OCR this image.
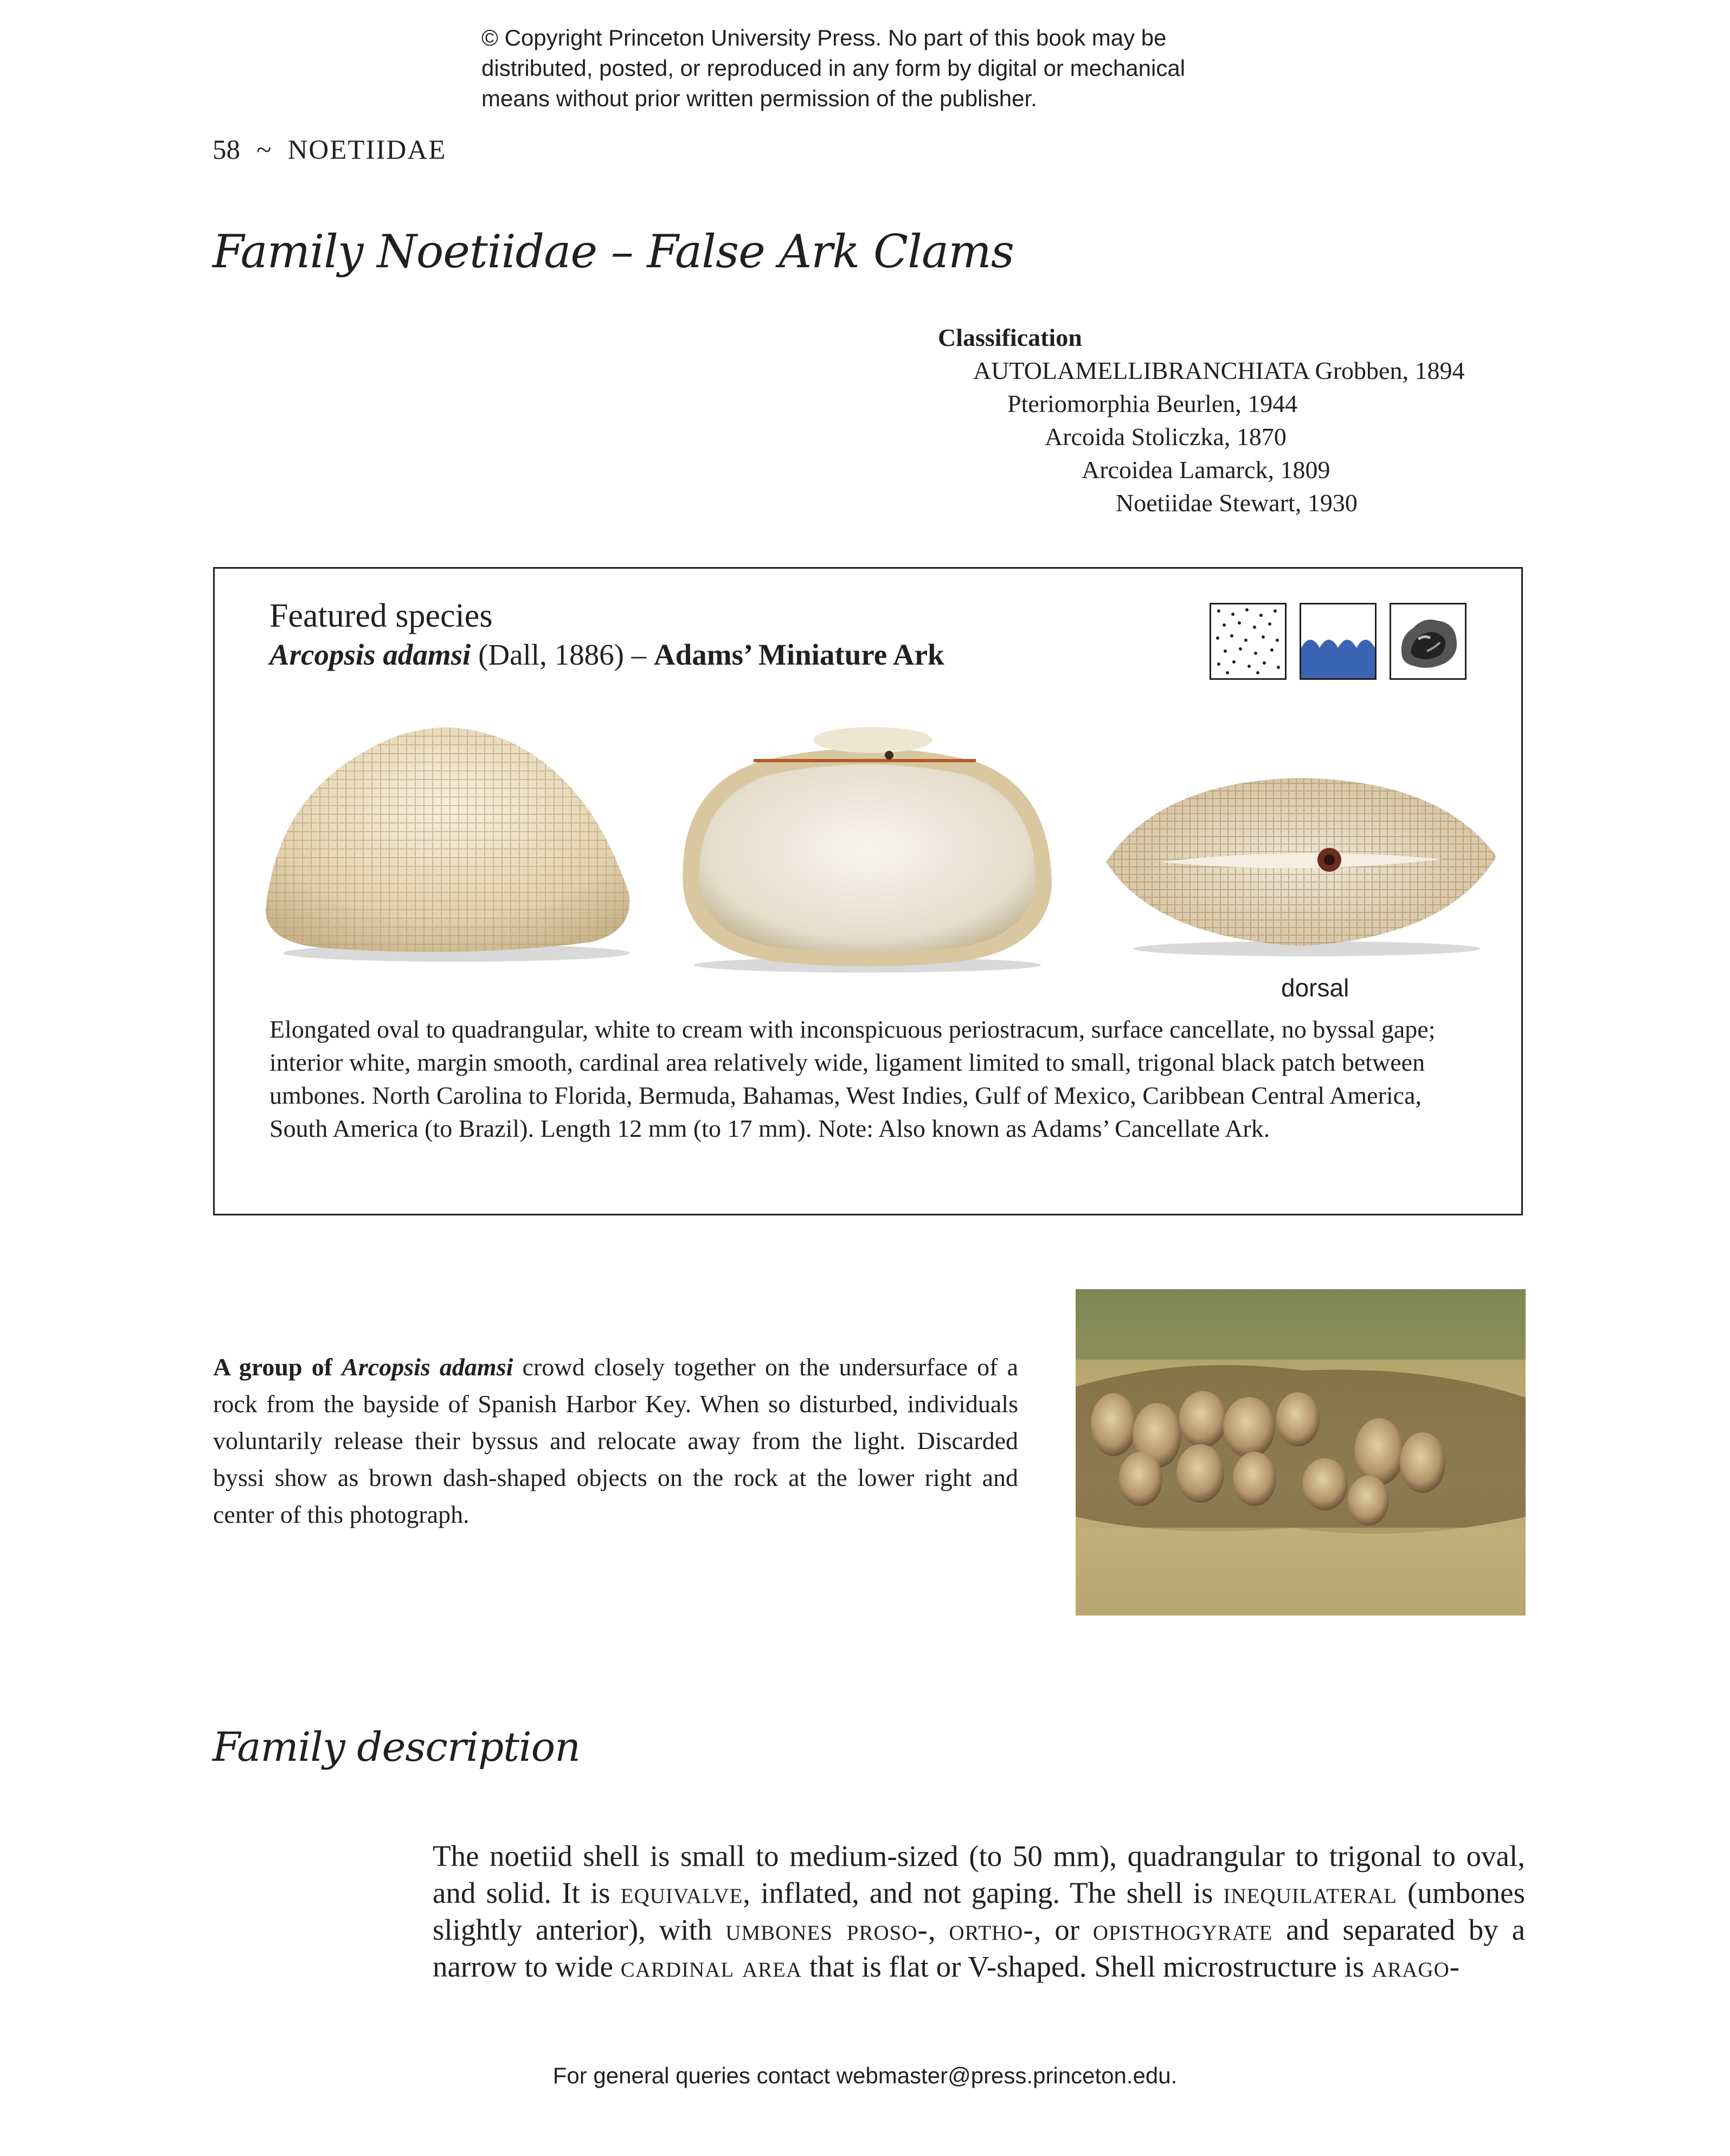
© Copyright Princeton University Press. No part of this book may be
distributed, posted, or reproduced in any form by digital or mechanical
means without prior written permission of the publisher.
58 ~ NOETIIDAE
Family Noetiidae – False Ark Clams
Classification
AUTOLAMELLIBRANCHIATA Grobben, 1894
Pteriomorphia Beurlen, 1944
Arcoida Stoliczka, 1870
Arcoidea Lamarck, 1809
Noetiidae Stewart, 1930
Featured species
Arcopsis adamsi (Dall, 1886) – Adams’ Miniature Ark
dorsal
Elongated oval to quadrangular, white to cream with inconspicuous periostracum, surface cancellate, no byssal gape; interior white, margin smooth, cardinal area relatively wide, ligament limited to small, trigonal black patch between umbones. North Carolina to Florida, Bermuda, Bahamas, West Indies, Gulf of Mexico, Caribbean Central America, South America (to Brazil). Length 12 mm (to 17 mm). Note: Also known as Adams’ Cancellate Ark.
A group of Arcopsis adamsi crowd closely together on the undersurface of a rock from the bayside of Spanish Harbor Key. When so disturbed, individuals voluntarily release their byssus and relocate away from the light. Discarded byssi show as brown dash-shaped objects on the rock at the lower right and center of this photograph.
Family description
The noetiid shell is small to medium-sized (to 50 mm), quadrangular to trigonal to oval, and solid. It is equivalve, inflated, and not gaping. The shell is inequilateral (umbones slightly anterior), with umbones proso-, ortho-, or opisthogyrate and separated by a narrow to wide cardinal area that is flat or V-shaped. Shell microstructure is arago-
For general queries contact webmaster@press.princeton.edu.
